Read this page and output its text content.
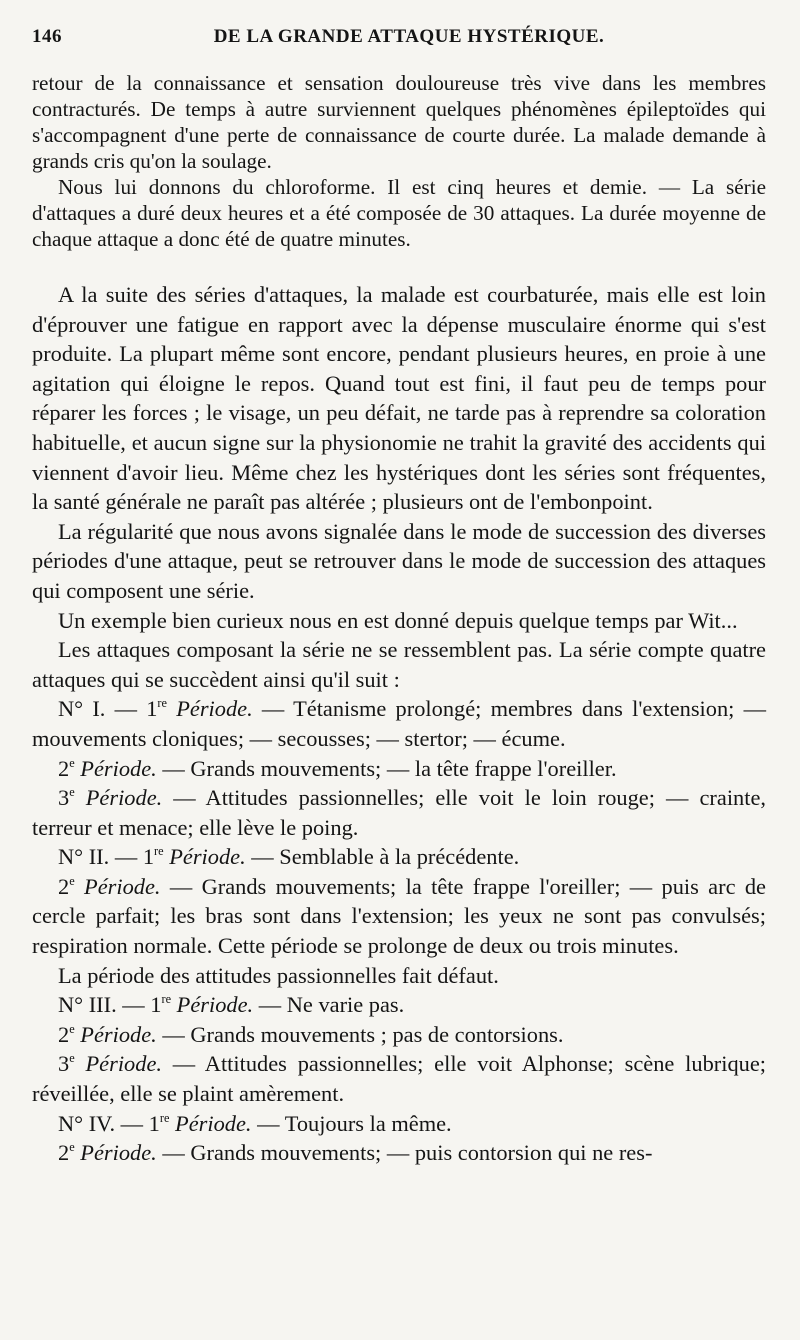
146	DE LA GRANDE ATTAQUE HYSTÉRIQUE.

retour de la connaissance et sensation douloureuse très vive dans les membres contracturés. De temps à autre surviennent quelques phénomènes épileptoïdes qui s'accompagnent d'une perte de connaissance de courte durée. La malade demande à grands cris qu'on la soulage.

Nous lui donnons du chloroforme. Il est cinq heures et demie. — La série d'attaques a duré deux heures et a été composée de 30 attaques. La durée moyenne de chaque attaque a donc été de quatre minutes.

A la suite des séries d'attaques, la malade est courbaturée, mais elle est loin d'éprouver une fatigue en rapport avec la dépense musculaire énorme qui s'est produite. La plupart même sont encore, pendant plusieurs heures, en proie à une agitation qui éloigne le repos. Quand tout est fini, il faut peu de temps pour réparer les forces ; le visage, un peu défait, ne tarde pas à reprendre sa coloration habituelle, et aucun signe sur la physionomie ne trahit la gravité des accidents qui viennent d'avoir lieu. Même chez les hystériques dont les séries sont fréquentes, la santé générale ne paraît pas altérée ; plusieurs ont de l'embonpoint.

La régularité que nous avons signalée dans le mode de succession des diverses périodes d'une attaque, peut se retrouver dans le mode de succession des attaques qui composent une série.

Un exemple bien curieux nous en est donné depuis quelque temps par Wit...

Les attaques composant la série ne se ressemblent pas. La série compte quatre attaques qui se succèdent ainsi qu'il suit :

N° I. — 1re Période. — Tétanisme prolongé; membres dans l'extension; — mouvements cloniques; — secousses; — stertor; — écume.

2e Période. — Grands mouvements; — la tête frappe l'oreiller.

3e Période. — Attitudes passionnelles; elle voit le loin rouge; — crainte, terreur et menace; elle lève le poing.

N° II. — 1re Période. — Semblable à la précédente.

2e Période. — Grands mouvements; la tête frappe l'oreiller; — puis arc de cercle parfait; les bras sont dans l'extension; les yeux ne sont pas convulsés; respiration normale. Cette période se prolonge de deux ou trois minutes.

La période des attitudes passionnelles fait défaut.

N° III. — 1re Période. — Ne varie pas.

2e Période. — Grands mouvements ; pas de contorsions.

3e Période. — Attitudes passionnelles; elle voit Alphonse; scène lubrique; réveillée, elle se plaint amèrement.

N° IV. — 1re Période. — Toujours la même.

2e Période. — Grands mouvements; — puis contorsion qui ne res-
